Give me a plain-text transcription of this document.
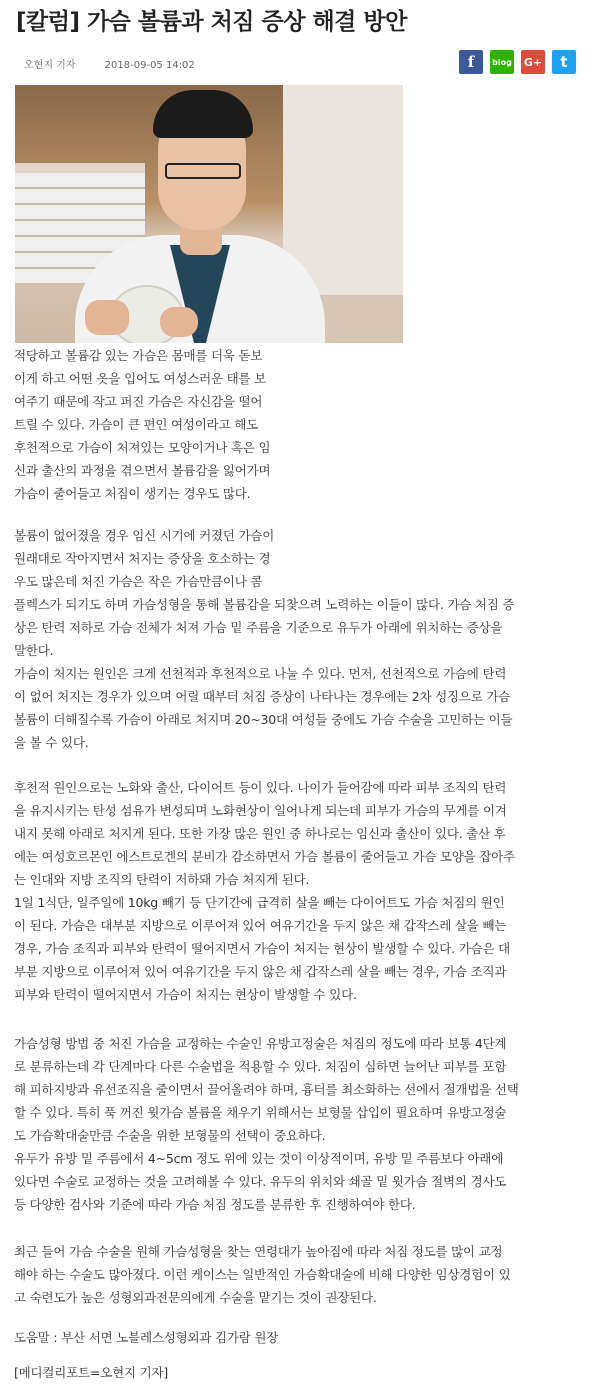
[칼럼] 가슴 볼륨과 처짐 증상 해결 방안
오현지 기자	2018-09-05 14:02	f blog G+ t

적당하고 볼륨감 있는 가슴은 몸매를 더욱 돋보
이게 하고 어떤 옷을 입어도 여성스러운 태를 보
여주기 때문에 작고 퍼진 가슴은 자신감을 떨어
트릴 수 있다. 가슴이 큰 편인 여성이라고 해도
후천적으로 가슴이 처져있는 모양이거나 혹은 임
신과 출산의 과정을 겪으면서 볼륨감을 잃어가며
가슴이 줄어들고 처짐이 생기는 경우도 많다.

볼륨이 없어졌을 경우 임신 시기에 커졌던 가슴이
원래대로 작아지면서 처지는 증상을 호소하는 경
우도 많은데 처진 가슴은 작은 가슴만큼이나 콤
플렉스가 되기도 하며 가슴성형을 통해 볼륨감을 되찾으려 노력하는 이들이 많다. 가슴 처짐 증
상은 탄력 저하로 가슴 전체가 처져 가슴 밑 주름을 기준으로 유두가 아래에 위치하는 증상을
말한다.
가슴이 처지는 원인은 크게 선천적과 후천적으로 나눌 수 있다. 먼저, 선천적으로 가슴에 탄력
이 없어 처지는 경우가 있으며 어릴 때부터 처짐 증상이 나타나는 경우에는 2차 성징으로 가슴
볼륨이 더해질수록 가슴이 아래로 처지며 20~30대 여성들 중에도 가슴 수술을 고민하는 이들
을 볼 수 있다.

후천적 원인으로는 노화와 출산, 다이어트 등이 있다. 나이가 들어감에 따라 피부 조직의 탄력
을 유지시키는 탄성 섬유가 변성되며 노화현상이 일어나게 되는데 피부가 가슴의 무게를 이겨
내지 못해 아래로 처지게 된다. 또한 가장 많은 원인 중 하나로는 임신과 출산이 있다. 출산 후
에는 여성호르몬인 에스트로겐의 분비가 감소하면서 가슴 볼륨이 줄어들고 가슴 모양을 잡아주
는 인대와 지방 조직의 탄력이 저하돼 가슴 처지게 된다.
1일 1식단, 일주일에 10kg 빼기 등 단기간에 급격히 살을 빼는 다이어트도 가슴 처짐의 원인
이 된다. 가슴은 대부분 지방으로 이루어져 있어 여유기간을 두지 않은 채 갑작스레 살을 빼는
경우, 가슴 조직과 피부와 탄력이 떨어지면서 가슴이 처지는 현상이 발생할 수 있다. 가슴은 대
부분 지방으로 이루어져 있어 여유기간을 두지 않은 채 갑작스레 살을 빼는 경우, 가슴 조직과
피부와 탄력이 떨어지면서 가슴이 처지는 현상이 발생할 수 있다.

가슴성형 방법 중 처진 가슴을 교정하는 수술인 유방고정술은 처짐의 정도에 따라 보통 4단계
로 분류하는데 각 단계마다 다른 수술법을 적용할 수 있다. 처짐이 심하면 늘어난 피부를 포함
해 피하지방과 유선조직을 줄이면서 끌어올려야 하며, 흉터를 최소화하는 선에서 절개법을 선택
할 수 있다. 특히 푹 꺼진 윗가슴 볼륨을 채우기 위해서는 보형물 삽입이 필요하며 유방고정술
도 가슴확대술만큼 수술을 위한 보형물의 선택이 중요하다.
유두가 유방 밑 주름에서 4~5cm 정도 위에 있는 것이 이상적이며, 유방 밑 주름보다 아래에
있다면 수술로 교정하는 것을 고려해볼 수 있다. 유두의 위치와 쇄골 밑 윗가슴 절벽의 경사도
등 다양한 검사와 기준에 따라 가슴 처짐 정도를 분류한 후 진행하여야 한다.

최근 들어 가슴 수술을 원해 가슴성형을 찾는 연령대가 높아짐에 따라 처짐 정도를 많이 교정
해야 하는 수술도 많아졌다. 이런 케이스는 일반적인 가슴확대술에 비해 다양한 임상경험이 있
고 숙련도가 높은 성형외과전문의에게 수술을 맡기는 것이 권장된다.

도움말 : 부산 서면 노블레스성형외과 김가람 원장

[메디컬리포트=오현지 기자]
